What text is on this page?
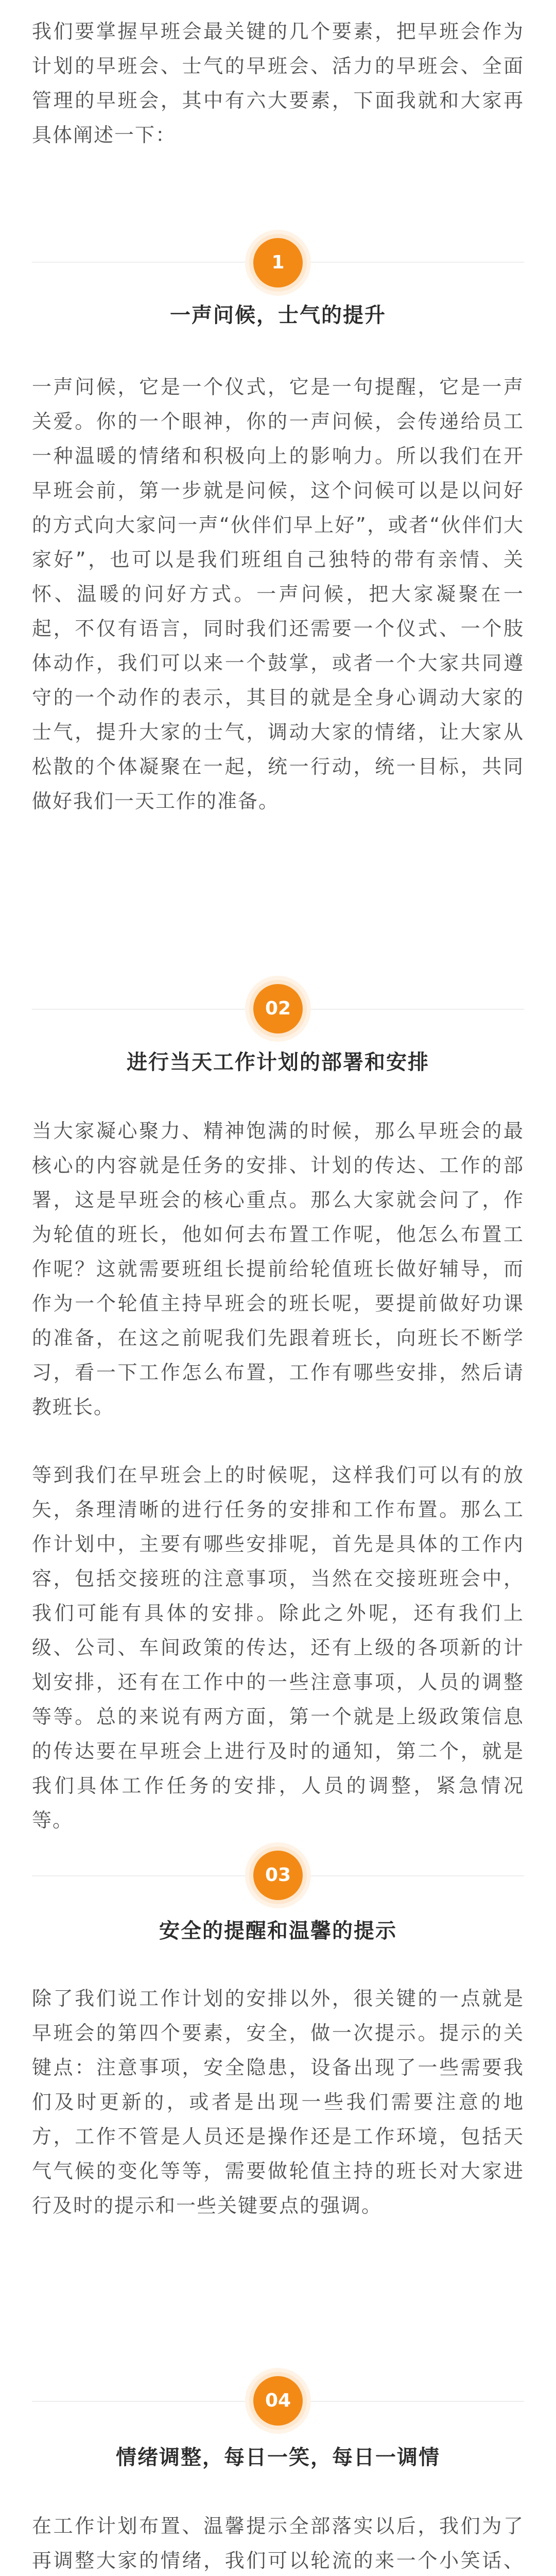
我们要掌握早班会最关键的几个要素，把早班会作为计划的早班会、士气的早班会、活力的早班会、全面管理的早班会，其中有六大要素，下面我就和大家再具体阐述一下：

1
一声问候，士气的提升

一声问候，它是一个仪式，它是一句提醒，它是一声关爱。你的一个眼神，你的一声问候，会传递给员工一种温暖的情绪和积极向上的影响力。所以我们在开早班会前，第一步就是问候，这个问候可以是以问好的方式向大家问一声“伙伴们早上好”，或者“伙伴们大家好”，也可以是我们班组自己独特的带有亲情、关怀、温暖的问好方式。一声问候，把大家凝聚在一起，不仅有语言，同时我们还需要一个仪式、一个肢体动作，我们可以来一个鼓掌，或者一个大家共同遵守的一个动作的表示，其目的就是全身心调动大家的士气，提升大家的士气，调动大家的情绪，让大家从松散的个体凝聚在一起，统一行动，统一目标，共同做好我们一天工作的准备。

02
进行当天工作计划的部署和安排

当大家凝心聚力、精神饱满的时候，那么早班会的最核心的内容就是任务的安排、计划的传达、工作的部署，这是早班会的核心重点。那么大家就会问了，作为轮值的班长，他如何去布置工作呢，他怎么布置工作呢？这就需要班组长提前给轮值班长做好辅导，而作为一个轮值主持早班会的班长呢，要提前做好功课的准备，在这之前呢我们先跟着班长，向班长不断学习，看一下工作怎么布置，工作有哪些安排，然后请教班长。

等到我们在早班会上的时候呢，这样我们可以有的放矢，条理清晰的进行任务的安排和工作布置。那么工作计划中，主要有哪些安排呢，首先是具体的工作内容，包括交接班的注意事项，当然在交接班班会中，我们可能有具体的安排。除此之外呢，还有我们上级、公司、车间政策的传达，还有上级的各项新的计划安排，还有在工作中的一些注意事项，人员的调整等等。总的来说有两方面，第一个就是上级政策信息的传达要在早班会上进行及时的通知，第二个，就是我们具体工作任务的安排，人员的调整，紧急情况等。

03
安全的提醒和温馨的提示

除了我们说工作计划的安排以外，很关键的一点就是早班会的第四个要素，安全，做一次提示。提示的关键点：注意事项，安全隐患，设备出现了一些需要我们及时更新的，或者是出现一些我们需要注意的地方，工作不管是人员还是操作还是工作环境，包括天气气候的变化等等，需要做轮值主持的班长对大家进行及时的提示和一些关键要点的强调。

04
情绪调整，每日一笑，每日一调情

在工作计划布置、温馨提示全部落实以后，我们为了再调整大家的情绪，我们可以轮流的来一个小笑话、
